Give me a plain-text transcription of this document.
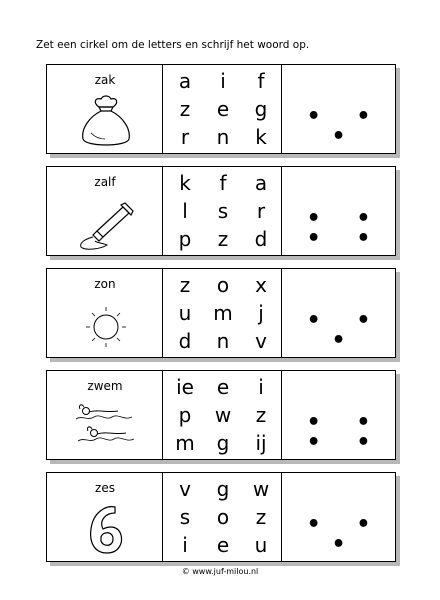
Zet een cirkel om de letters en schrijf het woord op.
zak	a	i	f
z	e	g
r	n	k
• • •
zalf	k	f	a
l	s	r
p	z	d
• • • •
zon	z	o	x
u	m	j
d	n	v
• • •
zwem	ie	e	i
p	w	z
m	g	ij
• • • •
zes	v	g	w
s	o	z
i	e	u
• • •
© www.juf-milou.nl
